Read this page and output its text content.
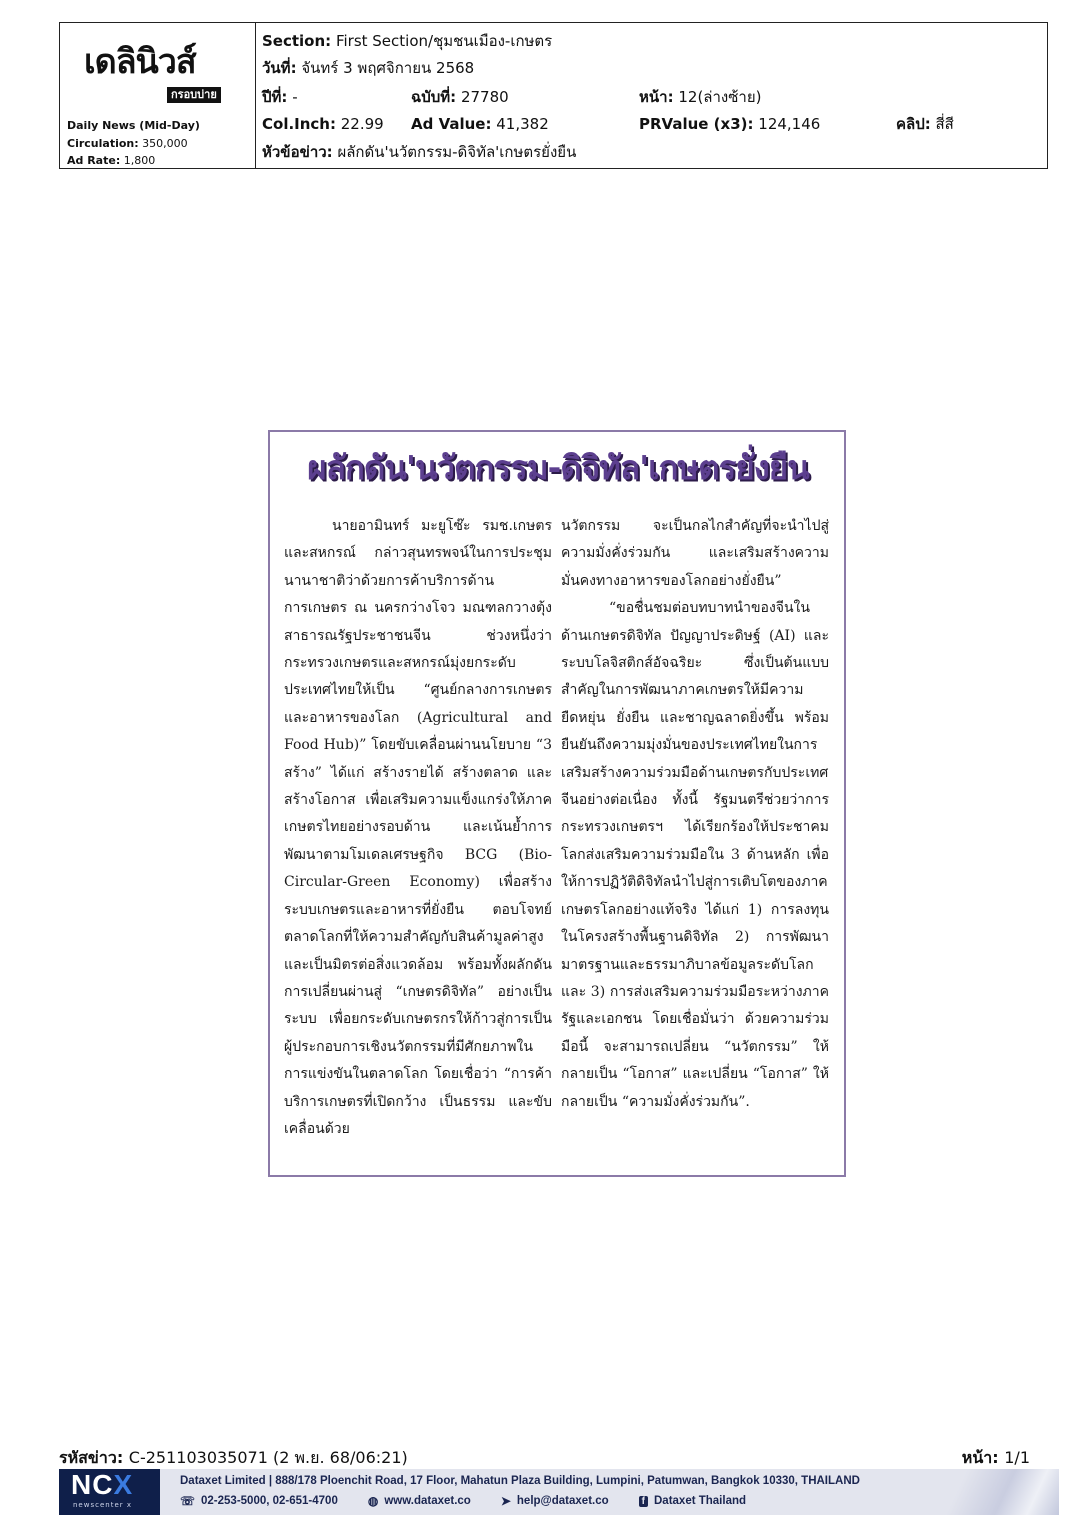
เดลินิวส์
กรอบบ่าย
Daily News (Mid-Day)
Circulation: 350,000
Ad Rate: 1,800
Section: First Section/ชุมชนเมือง-เกษตร
วันที่: จันทร์ 3 พฤศจิกายน 2568
ปีที่: -	ฉบับที่: 27780	หน้า: 12(ล่างซ้าย)
Col.Inch: 22.99 Ad Value: 41,382	PRValue (x3): 124,146	คลิป: สี่สี
หัวข้อข่าว: ผลักดัน'นวัตกรรม-ดิจิทัล'เกษตรยั่งยืน
ผลักดัน'นวัตกรรม-ดิจิทัล'เกษตรยั่งยืน

นายอามินทร์ มะยูโซ๊ะ รมช.เกษตรและสหกรณ์ กล่าวสุนทรพจน์ในการประชุมนานาชาติว่าด้วยการค้าบริการด้านการเกษตร ณ นครกว่างโจว มณฑลกวางตุ้ง สาธารณรัฐประชาชนจีน ช่วงหนึ่งว่า กระทรวงเกษตรและสหกรณ์มุ่งยกระดับประเทศไทยให้เป็น “ศูนย์กลางการเกษตรและอาหารของโลก (Agricultural and Food Hub)” โดยขับเคลื่อนผ่านนโยบาย “3 สร้าง” ได้แก่ สร้างรายได้ สร้างตลาด และสร้างโอกาส เพื่อเสริมความแข็งแกร่งให้ภาคเกษตรไทยอย่างรอบด้าน และเน้นย้ำการพัฒนาตามโมเดลเศรษฐกิจ BCG (Bio-Circular-Green Economy) เพื่อสร้างระบบเกษตรและอาหารที่ยั่งยืน ตอบโจทย์ตลาดโลกที่ให้ความสำคัญกับสินค้ามูลค่าสูงและเป็นมิตรต่อสิ่งแวดล้อม พร้อมทั้งผลักดันการเปลี่ยนผ่านสู่ “เกษตรดิจิทัล” อย่างเป็นระบบ เพื่อยกระดับเกษตรกรให้ก้าวสู่การเป็นผู้ประกอบการเชิงนวัตกรรมที่มีศักยภาพในการแข่งขันในตลาดโลก โดยเชื่อว่า “การค้าบริการเกษตรที่เปิดกว้าง เป็นธรรม และขับเคลื่อนด้วย

นวัตกรรม จะเป็นกลไกสำคัญที่จะนำไปสู่ความมั่งคั่งร่วมกัน และเสริมสร้างความมั่นคงทางอาหารของโลกอย่างยั่งยืน”

“ขอชื่นชมต่อบทบาทนำของจีนในด้านเกษตรดิจิทัล ปัญญาประดิษฐ์ (AI) และระบบโลจิสติกส์อัจฉริยะ ซึ่งเป็นต้นแบบสำคัญในการพัฒนาภาคเกษตรให้มีความยืดหยุ่น ยั่งยืน และชาญฉลาดยิ่งขึ้น พร้อมยืนยันถึงความมุ่งมั่นของประเทศไทยในการเสริมสร้างความร่วมมือด้านเกษตรกับประเทศจีนอย่างต่อเนื่อง ทั้งนี้ รัฐมนตรีช่วยว่าการกระทรวงเกษตรฯ ได้เรียกร้องให้ประชาคมโลกส่งเสริมความร่วมมือใน 3 ด้านหลัก เพื่อให้การปฏิวัติดิจิทัลนำไปสู่การเติบโตของภาคเกษตรโลกอย่างแท้จริง ได้แก่ 1) การลงทุนในโครงสร้างพื้นฐานดิจิทัล 2) การพัฒนามาตรฐานและธรรมาภิบาลข้อมูลระดับโลก และ 3) การส่งเสริมความร่วมมือระหว่างภาครัฐและเอกชน โดยเชื่อมั่นว่า ด้วยความร่วมมือนี้ จะสามารถเปลี่ยน “นวัตกรรม” ให้กลายเป็น “โอกาส” และเปลี่ยน “โอกาส” ให้กลายเป็น “ความมั่งคั่งร่วมกัน”.

รหัสข่าว: C-251103035071 (2 พ.ย. 68/06:21)	หน้า: 1/1
NCX
newscenter x
Dataxet Limited | 888/178 Ploenchit Road, 17 Floor, Mahatun Plaza Building, Lumpini, Patumwan, Bangkok 10330, THAILAND
☏ 02-253-5000, 02-651-4700	◍ www.dataxet.co	➤ help@dataxet.co	f Dataxet Thailand
